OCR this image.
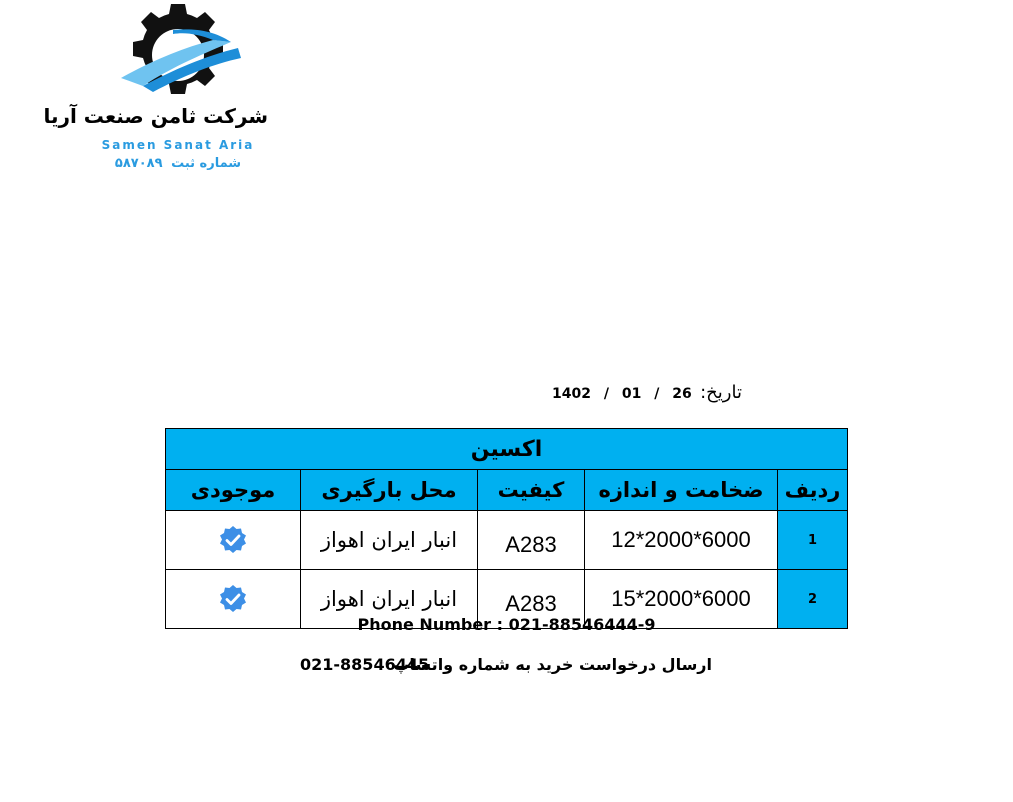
شرکت ثامن صنعت آریا
Samen Sanat Aria
شماره ثبت ۵۸۷۰۸۹
1402 / 01 / 26 تاریخ:
اکسین				
موجودی	محل بارگیری	کیفیت	ضخامت و اندازه	ردیف
	انبار ایران اهواز	A283	12*2000*6000	1
	انبار ایران اهواز	A283	15*2000*6000	2
Phone Number : 021-88546444-9
021-88546445
ارسال درخواست خرید به شماره واتساپ
